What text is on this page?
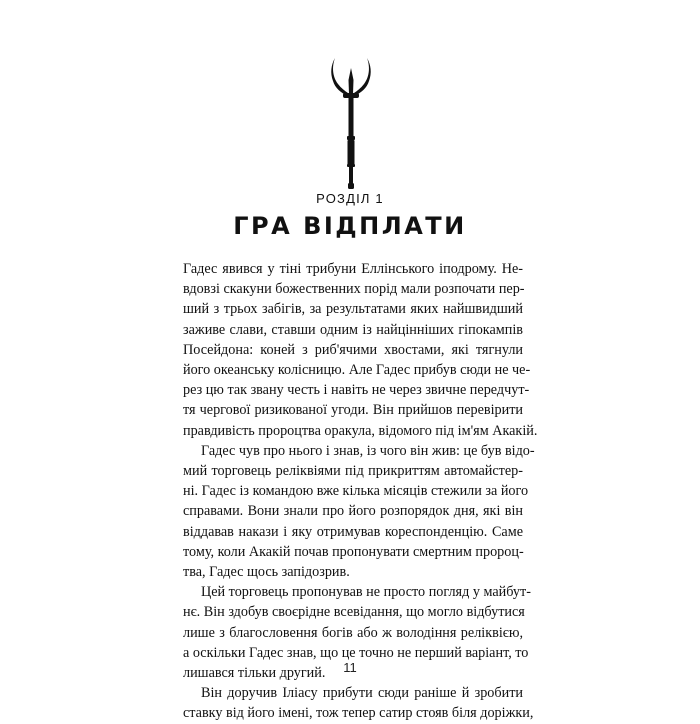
РОЗДІЛ 1
ГРА ВІДПЛАТИ

Гадес явився у тіні трибуни Еллінського іподрому. Не-
вдовзі скакуни божественних порід мали розпочати пер-
ший з трьох забігів, за результатами яких найшвидший
заживе слави, ставши одним із найцінніших гіпокампів
Посейдона: коней з риб'ячими хвостами, які тягнули
його океанську колісницю. Але Гадес прибув сюди не че-
рез цю так звану честь і навіть не через звичне передчут-
тя чергової ризикованої угоди. Він прийшов перевірити
правдивість пророцтва оракула, відомого під ім'ям Акакій.

Гадес чув про нього і знав, із чого він жив: це був відо-
мий торговець реліквіями під прикриттям автомайстер-
ні. Гадес із командою вже кілька місяців стежили за його
справами. Вони знали про його розпорядок дня, які він
віддавав накази і яку отримував кореспонденцію. Саме
тому, коли Акакій почав пропонувати смертним пророц-
тва, Гадес щось запідозрив.

Цей торговець пропонував не просто погляд у майбут-
нє. Він здобув своєрідне всевідання, що могло відбутися
лише з благословення богів або ж володіння реліквією,
а оскільки Гадес знав, що це точно не перший варіант, то
лишався тільки другий.

Він доручив Іліасу прибути сюди раніше й зробити
ставку від його імені, тож тепер сатир стояв біля доріжки,

11
